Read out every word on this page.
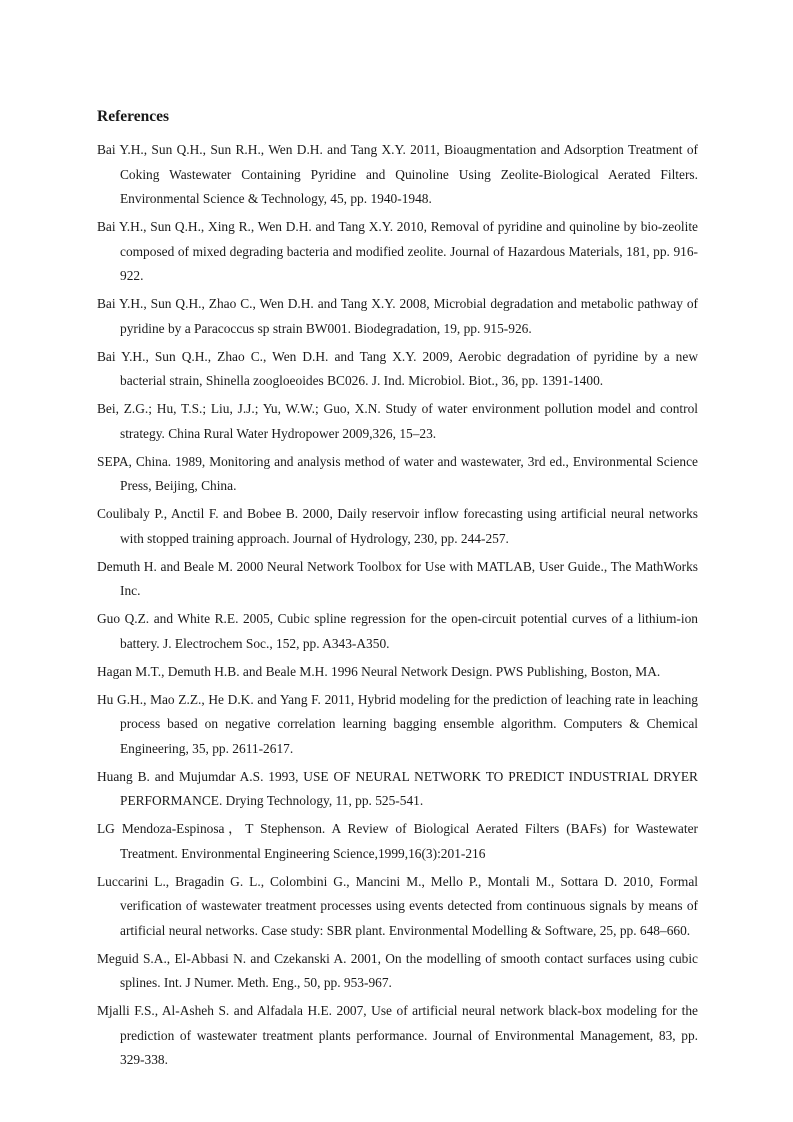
References
Bai Y.H., Sun Q.H., Sun R.H., Wen D.H. and Tang X.Y. 2011, Bioaugmentation and Adsorption Treatment of Coking Wastewater Containing Pyridine and Quinoline Using Zeolite-Biological Aerated Filters. Environmental Science & Technology, 45, pp. 1940-1948.
Bai Y.H., Sun Q.H., Xing R., Wen D.H. and Tang X.Y. 2010, Removal of pyridine and quinoline by bio-zeolite composed of mixed degrading bacteria and modified zeolite. Journal of Hazardous Materials, 181, pp. 916-922.
Bai Y.H., Sun Q.H., Zhao C., Wen D.H. and Tang X.Y. 2008, Microbial degradation and metabolic pathway of pyridine by a Paracoccus sp strain BW001. Biodegradation, 19, pp. 915-926.
Bai Y.H., Sun Q.H., Zhao C., Wen D.H. and Tang X.Y. 2009, Aerobic degradation of pyridine by a new bacterial strain, Shinella zoogloeoides BC026. J. Ind. Microbiol. Biot., 36, pp. 1391-1400.
Bei, Z.G.; Hu, T.S.; Liu, J.J.; Yu, W.W.; Guo, X.N. Study of water environment pollution model and control strategy. China Rural Water Hydropower 2009,326, 15–23.
SEPA, China. 1989, Monitoring and analysis method of water and wastewater, 3rd ed., Environmental Science Press, Beijing, China.
Coulibaly P., Anctil F. and Bobee B. 2000, Daily reservoir inflow forecasting using artificial neural networks with stopped training approach. Journal of Hydrology, 230, pp. 244-257.
Demuth H. and Beale M. 2000 Neural Network Toolbox for Use with MATLAB, User Guide., The MathWorks Inc.
Guo Q.Z. and White R.E. 2005, Cubic spline regression for the open-circuit potential curves of a lithium-ion battery. J. Electrochem Soc., 152, pp. A343-A350.
Hagan M.T., Demuth H.B. and Beale M.H. 1996 Neural Network Design. PWS Publishing, Boston, MA.
Hu G.H., Mao Z.Z., He D.K. and Yang F. 2011, Hybrid modeling for the prediction of leaching rate in leaching process based on negative correlation learning bagging ensemble algorithm. Computers & Chemical Engineering, 35, pp. 2611-2617.
Huang B. and Mujumdar A.S. 1993, USE OF NEURAL NETWORK TO PREDICT INDUSTRIAL DRYER PERFORMANCE. Drying Technology, 11, pp. 525-541.
LG Mendoza-Espinosa，T Stephenson. A Review of Biological Aerated Filters (BAFs) for Wastewater Treatment. Environmental Engineering Science,1999,16(3):201-216
Luccarini L., Bragadin G. L., Colombini G., Mancini M., Mello P., Montali M., Sottara D. 2010, Formal verification of wastewater treatment processes using events detected from continuous signals by means of artificial neural networks. Case study: SBR plant. Environmental Modelling & Software, 25, pp. 648–660.
Meguid S.A., El-Abbasi N. and Czekanski A. 2001, On the modelling of smooth contact surfaces using cubic splines. Int. J Numer. Meth. Eng., 50, pp. 953-967.
Mjalli F.S., Al-Asheh S. and Alfadala H.E. 2007, Use of artificial neural network black-box modeling for the prediction of wastewater treatment plants performance. Journal of Environmental Management, 83, pp. 329-338.
